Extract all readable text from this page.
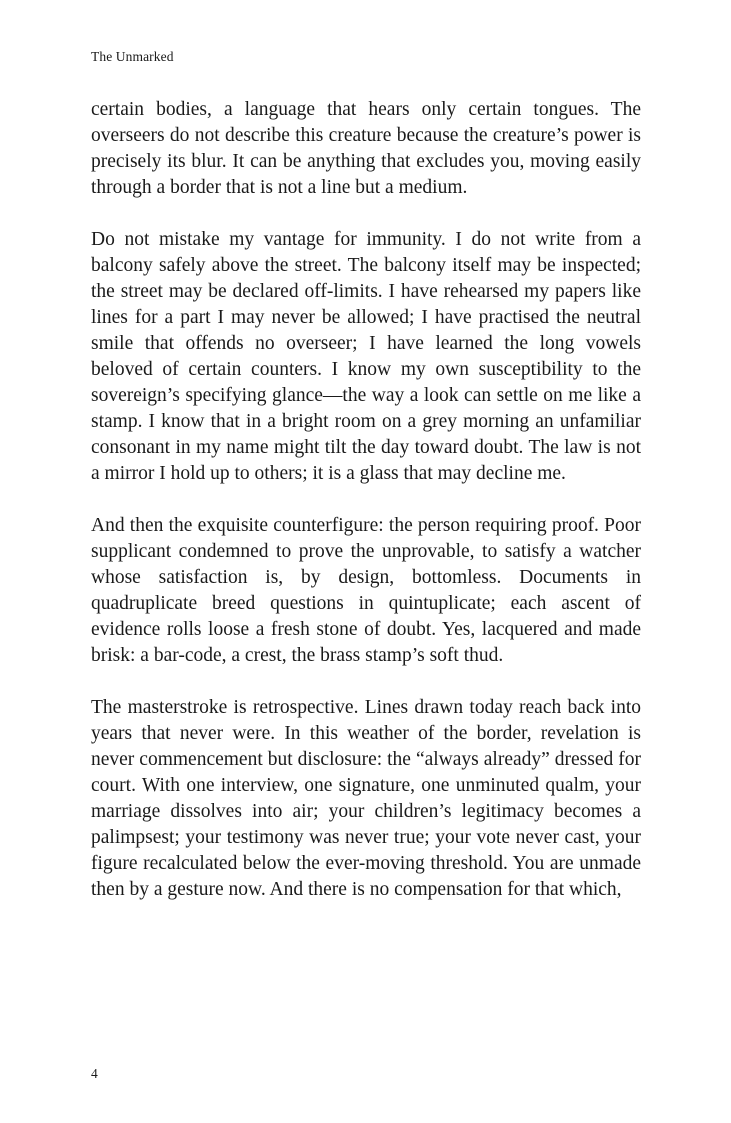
The Unmarked

certain bodies, a language that hears only certain tongues. The overseers do not describe this creature because the creature’s power is precisely its blur. It can be anything that excludes you, moving easily through a border that is not a line but a medium.

Do not mistake my vantage for immunity. I do not write from a balcony safely above the street. The balcony itself may be inspected; the street may be declared off-limits. I have rehearsed my papers like lines for a part I may never be allowed; I have practised the neutral smile that offends no overseer; I have learned the long vowels beloved of certain counters. I know my own susceptibility to the sovereign’s specifying glance—the way a look can settle on me like a stamp. I know that in a bright room on a grey morning an unfamiliar consonant in my name might tilt the day toward doubt. The law is not a mirror I hold up to others; it is a glass that may decline me.

And then the exquisite counterfigure: the person requiring proof. Poor supplicant condemned to prove the unprovable, to satisfy a watcher whose satisfaction is, by design, bottomless. Documents in quadruplicate breed questions in quintuplicate; each ascent of evidence rolls loose a fresh stone of doubt. Yes, lacquered and made brisk: a bar-code, a crest, the brass stamp’s soft thud.

The masterstroke is retrospective. Lines drawn today reach back into years that never were. In this weather of the border, revelation is never commencement but disclosure: the “always already” dressed for court. With one interview, one signature, one unminuted qualm, your marriage dissolves into air; your children’s legitimacy becomes a palimpsest; your testimony was never true; your vote never cast, your figure recalculated below the ever-moving threshold. You are unmade then by a gesture now. And there is no compensation for that which,

4
